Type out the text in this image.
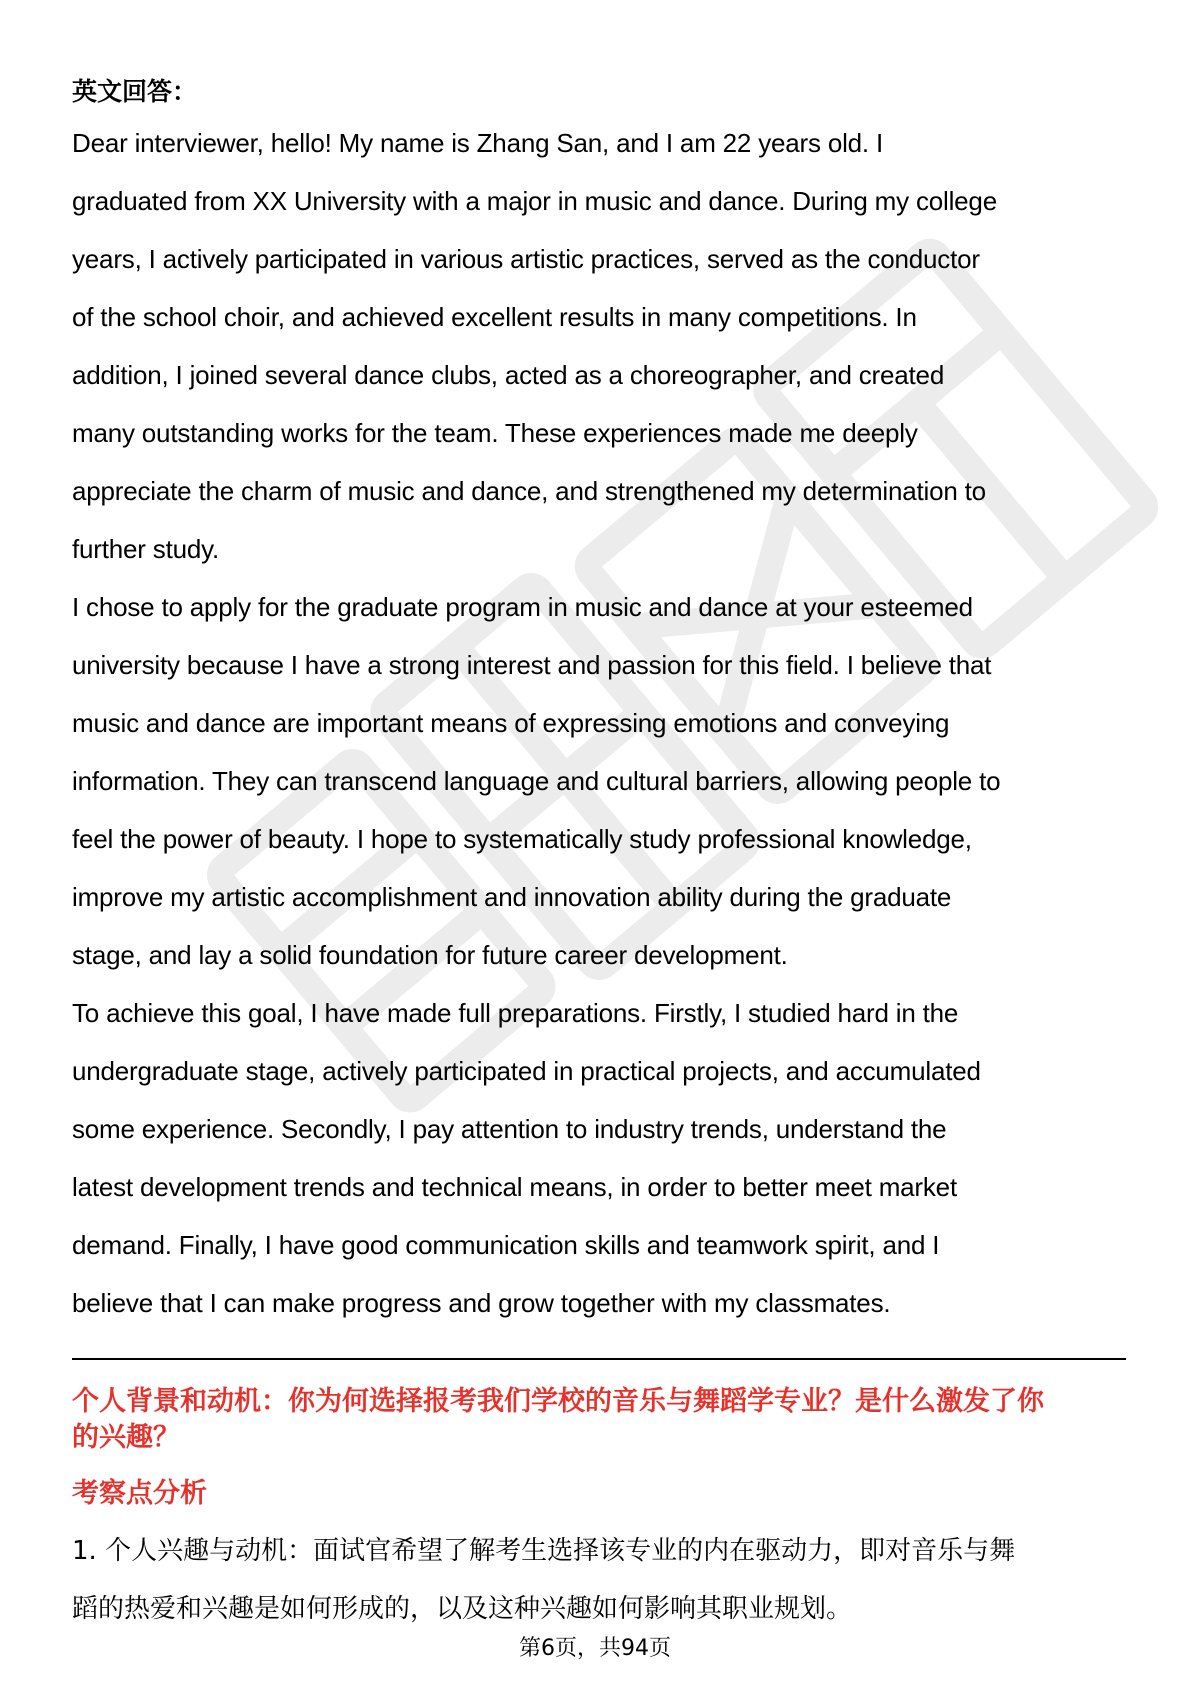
英文回答：

Dear interviewer, hello! My name is Zhang San, and I am 22 years old. I
graduated from XX University with a major in music and dance. During my college
years, I actively participated in various artistic practices, served as the conductor
of the school choir, and achieved excellent results in many competitions. In
addition, I joined several dance clubs, acted as a choreographer, and created
many outstanding works for the team. These experiences made me deeply
appreciate the charm of music and dance, and strengthened my determination to
further study.

I chose to apply for the graduate program in music and dance at your esteemed
university because I have a strong interest and passion for this field. I believe that
music and dance are important means of expressing emotions and conveying
information. They can transcend language and cultural barriers, allowing people to
feel the power of beauty. I hope to systematically study professional knowledge,
improve my artistic accomplishment and innovation ability during the graduate
stage, and lay a solid foundation for future career development.

To achieve this goal, I have made full preparations. Firstly, I studied hard in the
undergraduate stage, actively participated in practical projects, and accumulated
some experience. Secondly, I pay attention to industry trends, understand the
latest development trends and technical means, in order to better meet market
demand. Finally, I have good communication skills and teamwork spirit, and I
believe that I can make progress and grow together with my classmates.

个人背景和动机：你为何选择报考我们学校的音乐与舞蹈学专业？是什么激发了你
的兴趣？

考察点分析

1. 个人兴趣与动机：面试官希望了解考生选择该专业的内在驱动力，即对音乐与舞
蹈的热爱和兴趣是如何形成的，以及这种兴趣如何影响其职业规划。

第6页，共94页
